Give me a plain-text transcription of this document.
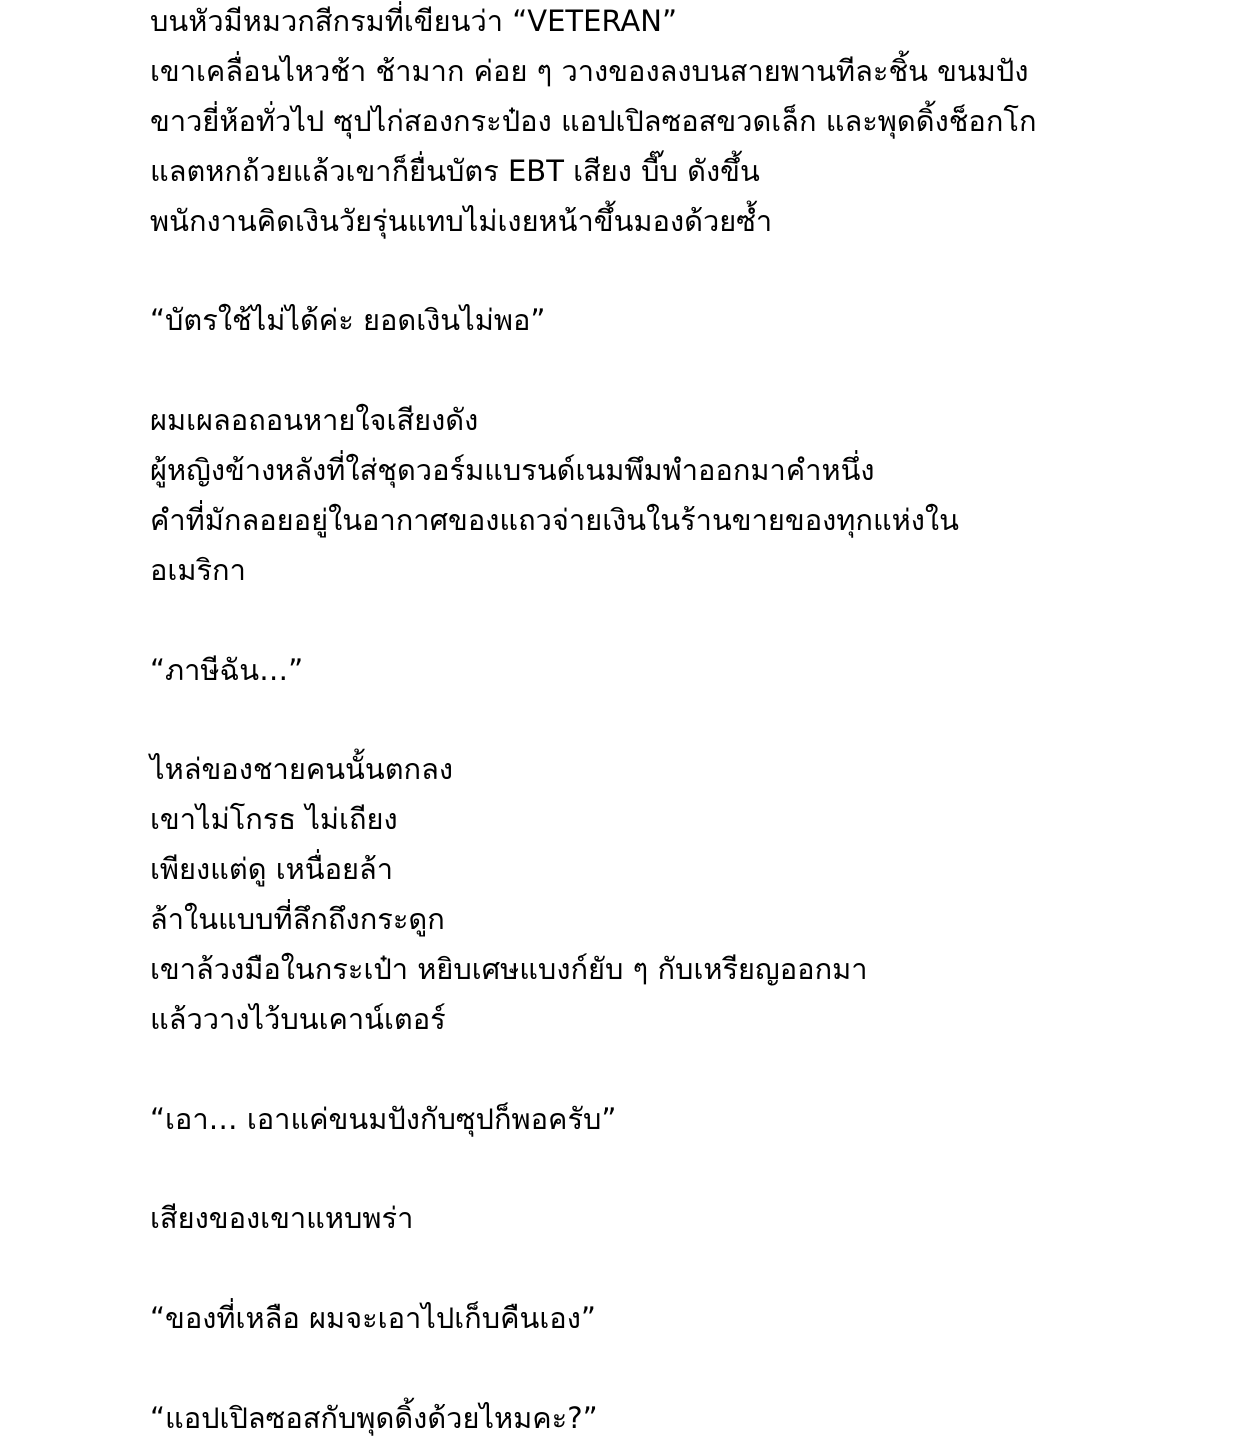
บนหัวมีหมวกสีกรมที่เขียนว่า “VETERAN”
เขาเคลื่อนไหวช้า ช้ามาก ค่อย ๆ วางของลงบนสายพานทีละชิ้น ขนมปัง
ขาวยี่ห้อทั่วไป ซุปไก่สองกระป๋อง แอปเปิลซอสขวดเล็ก และพุดดิ้งช็อกโก
แลตหกถ้วยแล้วเขาก็ยื่นบัตร EBT เสียง บี๊บ ดังขึ้น
พนักงานคิดเงินวัยรุ่นแทบไม่เงยหน้าขึ้นมองด้วยซ้ำ
“บัตรใช้ไม่ได้ค่ะ ยอดเงินไม่พอ”
ผมเผลอถอนหายใจเสียงดัง
ผู้หญิงข้างหลังที่ใส่ชุดวอร์มแบรนด์เนมพึมพำออกมาคำหนึ่ง
คำที่มักลอยอยู่ในอากาศของแถวจ่ายเงินในร้านขายของทุกแห่งใน
อเมริกา
“ภาษีฉัน…”
ไหล่ของชายคนนั้นตกลง
เขาไม่โกรธ ไม่เถียง
เพียงแต่ดู เหนื่อยล้า
ล้าในแบบที่ลึกถึงกระดูก
เขาล้วงมือในกระเป๋า หยิบเศษแบงก์ยับ ๆ กับเหรียญออกมา
แล้ววางไว้บนเคาน์เตอร์
“เอา… เอาแค่ขนมปังกับซุปก็พอครับ”
เสียงของเขาแหบพร่า
“ของที่เหลือ ผมจะเอาไปเก็บคืนเอง”
“แอปเปิลซอสกับพุดดิ้งด้วยไหมคะ?”
